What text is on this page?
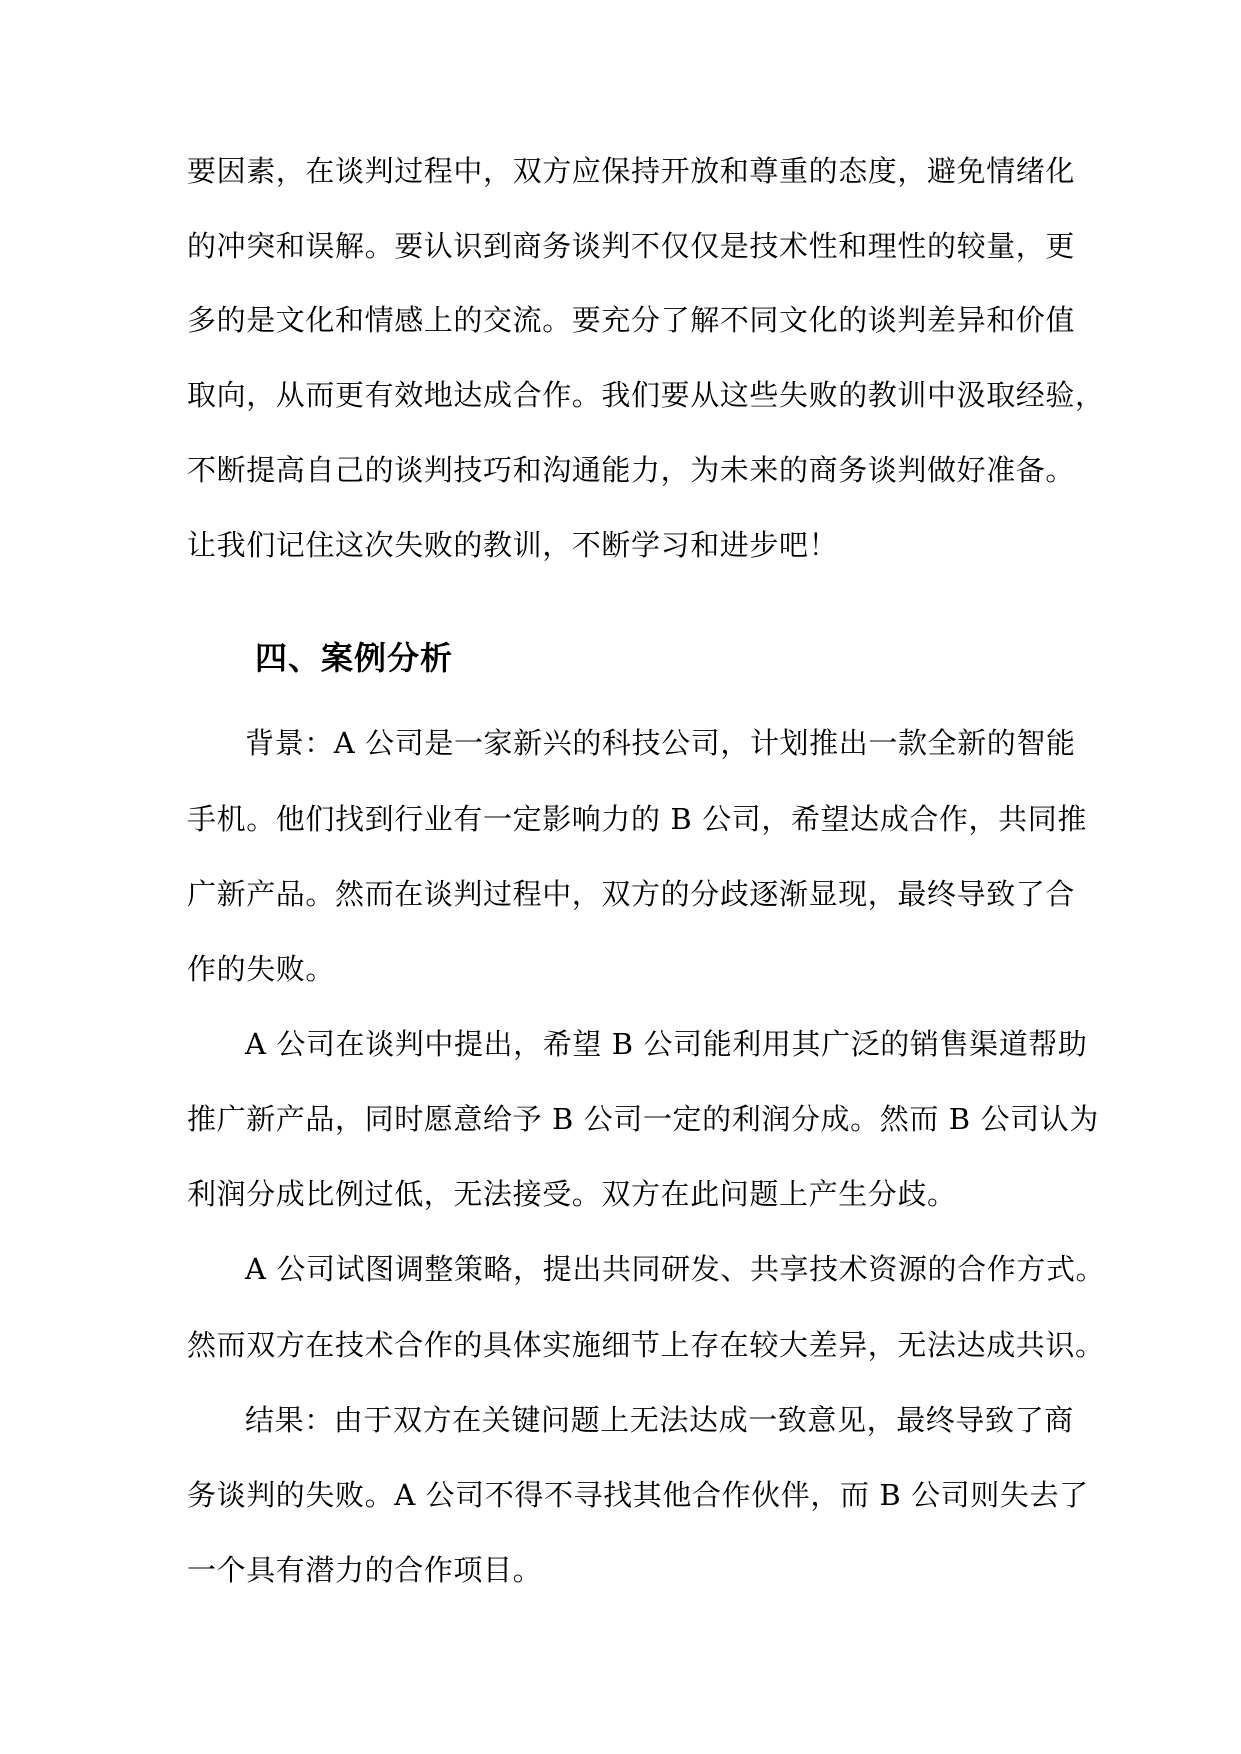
要因素，在谈判过程中，双方应保持开放和尊重的态度，避免情绪化
的冲突和误解。要认识到商务谈判不仅仅是技术性和理性的较量，更
多的是文化和情感上的交流。要充分了解不同文化的谈判差异和价值
取向，从而更有效地达成合作。我们要从这些失败的教训中汲取经验，
不断提高自己的谈判技巧和沟通能力，为未来的商务谈判做好准备。
让我们记住这次失败的教训，不断学习和进步吧！
四、案例分析
背景：A 公司是一家新兴的科技公司，计划推出一款全新的智能
手机。他们找到行业有一定影响力的 B 公司，希望达成合作，共同推
广新产品。然而在谈判过程中，双方的分歧逐渐显现，最终导致了合
作的失败。
A 公司在谈判中提出，希望 B 公司能利用其广泛的销售渠道帮助
推广新产品，同时愿意给予 B 公司一定的利润分成。然而 B 公司认为
利润分成比例过低，无法接受。双方在此问题上产生分歧。
A 公司试图调整策略，提出共同研发、共享技术资源的合作方式。
然而双方在技术合作的具体实施细节上存在较大差异，无法达成共识。
结果：由于双方在关键问题上无法达成一致意见，最终导致了商
务谈判的失败。A 公司不得不寻找其他合作伙伴，而 B 公司则失去了
一个具有潜力的合作项目。
